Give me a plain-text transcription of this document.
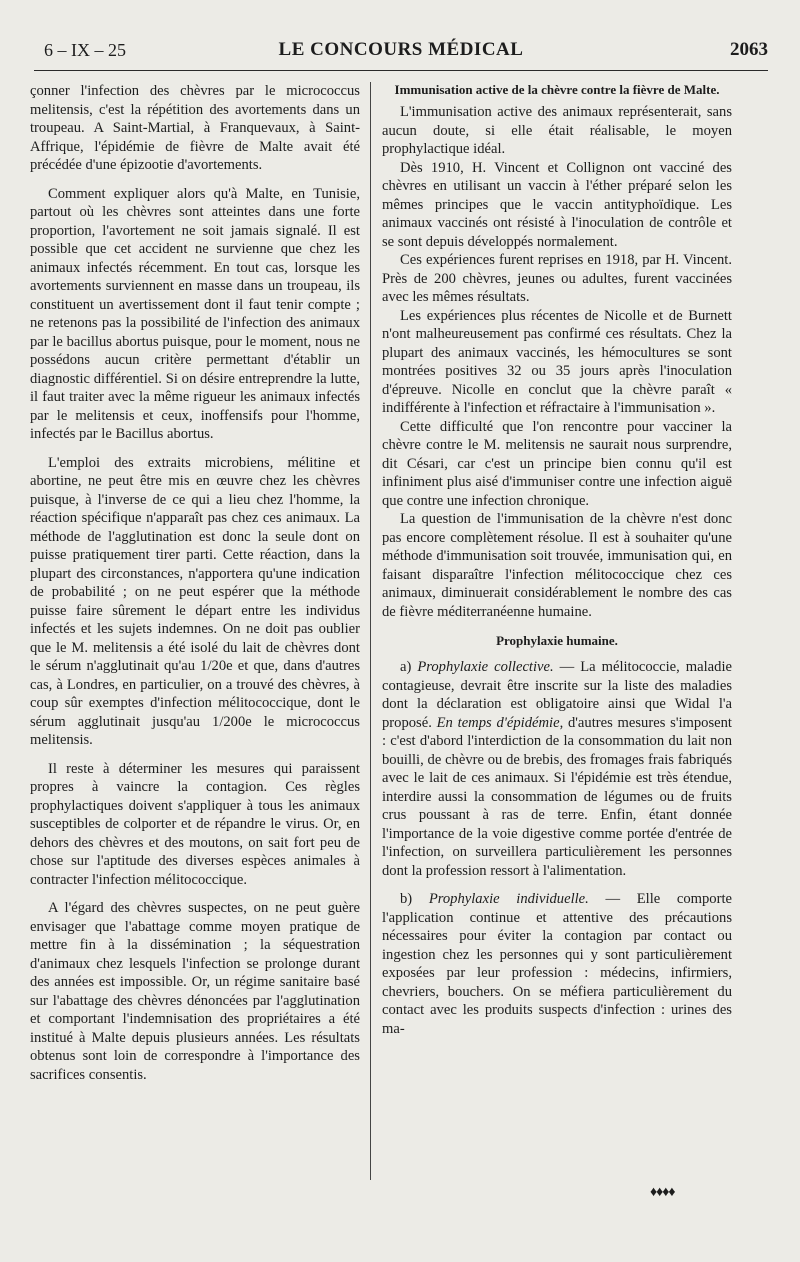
6 – IX – 25	LE CONCOURS MÉDICAL	2063

çonner l'infection des chèvres par le micrococcus melitensis, c'est la répétition des avortements dans un troupeau. A Saint-Martial, à Franquevaux, à Saint-Affrique, l'épidémie de fièvre de Malte avait été précédée d'une épizootie d'avortements.

Comment expliquer alors qu'à Malte, en Tunisie, partout où les chèvres sont atteintes dans une forte proportion, l'avortement ne soit jamais signalé. Il est possible que cet accident ne survienne que chez les animaux infectés récemment. En tout cas, lorsque les avortements surviennent en masse dans un troupeau, ils constituent un avertissement dont il faut tenir compte ; ne retenons pas la possibilité de l'infection des animaux par le bacillus abortus puisque, pour le moment, nous ne possédons aucun critère permettant d'établir un diagnostic différentiel. Si on désire entreprendre la lutte, il faut traiter avec la même rigueur les animaux infectés par le melitensis et ceux, inoffensifs pour l'homme, infectés par le Bacillus abortus.

L'emploi des extraits microbiens, mélitine et abortine, ne peut être mis en œuvre chez les chèvres puisque, à l'inverse de ce qui a lieu chez l'homme, la réaction spécifique n'apparaît pas chez ces animaux. La méthode de l'agglutination est donc la seule dont on puisse pratiquement tirer parti. Cette réaction, dans la plupart des circonstances, n'apportera qu'une indication de probabilité ; on ne peut espérer que la méthode puisse faire sûrement le départ entre les individus infectés et les sujets indemnes. On ne doit pas oublier que le M. melitensis a été isolé du lait de chèvres dont le sérum n'agglutinait qu'au 1/20e et que, dans d'autres cas, à Londres, en particulier, on a trouvé des chèvres, à coup sûr exemptes d'infection mélitococcique, dont le sérum agglutinait jusqu'au 1/200e le micrococcus melitensis.

Il reste à déterminer les mesures qui paraissent propres à vaincre la contagion. Ces règles prophylactiques doivent s'appliquer à tous les animaux susceptibles de colporter et de répandre le virus. Or, en dehors des chèvres et des moutons, on sait fort peu de chose sur l'aptitude des diverses espèces animales à contracter l'infection mélitococcique.

A l'égard des chèvres suspectes, on ne peut guère envisager que l'abattage comme moyen pratique de mettre fin à la dissémination ; la séquestration d'animaux chez lesquels l'infection se prolonge durant des années est impossible. Or, un régime sanitaire basé sur l'abattage des chèvres dénoncées par l'agglutination et comportant l'indemnisation des propriétaires a été institué à Malte depuis plusieurs années. Les résultats obtenus sont loin de correspondre à l'importance des sacrifices consentis.

Immunisation active de la chèvre contre la fièvre de Malte.

L'immunisation active des animaux représenterait, sans aucun doute, si elle était réalisable, le moyen prophylactique idéal.

Dès 1910, H. Vincent et Collignon ont vacciné des chèvres en utilisant un vaccin à l'éther préparé selon les mêmes principes que le vaccin antityphoïdique. Les animaux vaccinés ont résisté à l'inoculation de contrôle et se sont depuis développés normalement.

Ces expériences furent reprises en 1918, par H. Vincent. Près de 200 chèvres, jeunes ou adultes, furent vaccinées avec les mêmes résultats.

Les expériences plus récentes de Nicolle et de Burnett n'ont malheureusement pas confirmé ces résultats. Chez la plupart des animaux vaccinés, les hémocultures se sont montrées positives 32 ou 35 jours après l'inoculation d'épreuve. Nicolle en conclut que la chèvre paraît « indifférente à l'infection et réfractaire à l'immunisation ».

Cette difficulté que l'on rencontre pour vacciner la chèvre contre le M. melitensis ne saurait nous surprendre, dit Césari, car c'est un principe bien connu qu'il est infiniment plus aisé d'immuniser contre une infection aiguë que contre une infection chronique.

La question de l'immunisation de la chèvre n'est donc pas encore complètement résolue. Il est à souhaiter qu'une méthode d'immunisation soit trouvée, immunisation qui, en faisant disparaître l'infection mélitococcique chez ces animaux, diminuerait considérablement le nombre des cas de fièvre méditerranéenne humaine.

Prophylaxie humaine.

a) Prophylaxie collective. — La mélitococcie, maladie contagieuse, devrait être inscrite sur la liste des maladies dont la déclaration est obligatoire ainsi que Widal l'a proposé. En temps d'épidémie, d'autres mesures s'imposent : c'est d'abord l'interdiction de la consommation du lait non bouilli, de chèvre ou de brebis, des fromages frais fabriqués avec le lait de ces animaux. Si l'épidémie est très étendue, interdire aussi la consommation de légumes ou de fruits crus poussant à ras de terre. Enfin, étant donnée l'importance de la voie digestive comme portée d'entrée de l'infection, on surveillera particulièrement les personnes dont la profession ressort à l'alimentation.

b) Prophylaxie individuelle. — Elle comporte l'application continue et attentive des précautions nécessaires pour éviter la contagion par contact ou ingestion chez les personnes qui y sont particulièrement exposées par leur profession : médecins, infirmiers, chevriers, bouchers. On se méfiera particulièrement du contact avec les produits suspects d'infection : urines des ma-

♦♦♦♦
